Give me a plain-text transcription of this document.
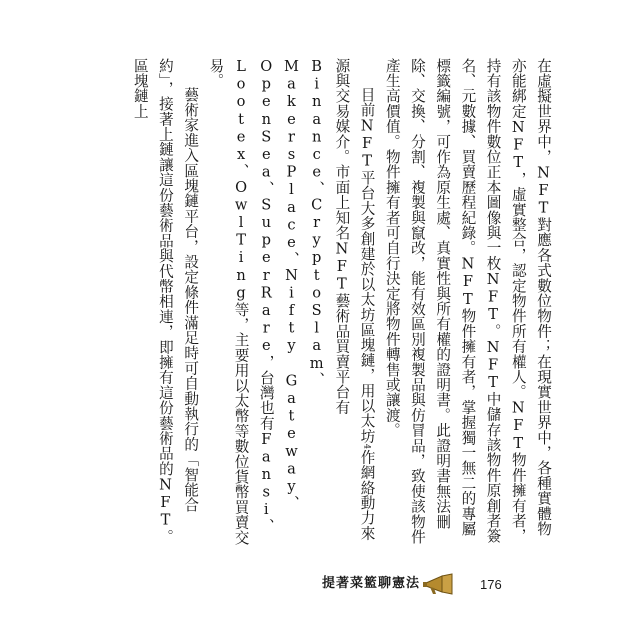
在虛擬世界中，NFT對應各式數位物件；在現實世界中，各種實體物亦能綁定NFT，虛實整合，認定物件所有權人。NFT物件擁有者，持有該物件數位正本圖像與一枚NFT。NFT中儲存該物件原創者簽名、元數據、買賣歷程紀錄。NFT物件擁有者，掌握獨一無二的專屬標籤編號，可作為原生處、真實性與所有權的證明書。此證明書無法刪除、交換、分割、複製與竄改，能有效區別複製品與仿冒品，致使該物件產生高價值。物件擁有者可自行決定將物件轉售或讓渡。

目前NFT平台大多創建於以太坊區塊鏈，用以太坊4作網絡動力來源與交易媒介。市面上知名NFT藝術品買賣平台有Binance、CryptoSlam、MakersPlace、Nifty Gateway、OpenSea、SuperRare，台灣也有Fansi、Lootex、OwlTing等，主要用以太幣等數位貨幣買賣交易。

藝術家進入區塊鏈平台，設定條件滿足時可自動執行的「智能合約」，接著上鏈讓這份藝術品與代幣相連，即擁有這份藝術品的NFT。區塊鏈上

提著菜籃聊憲法	176
